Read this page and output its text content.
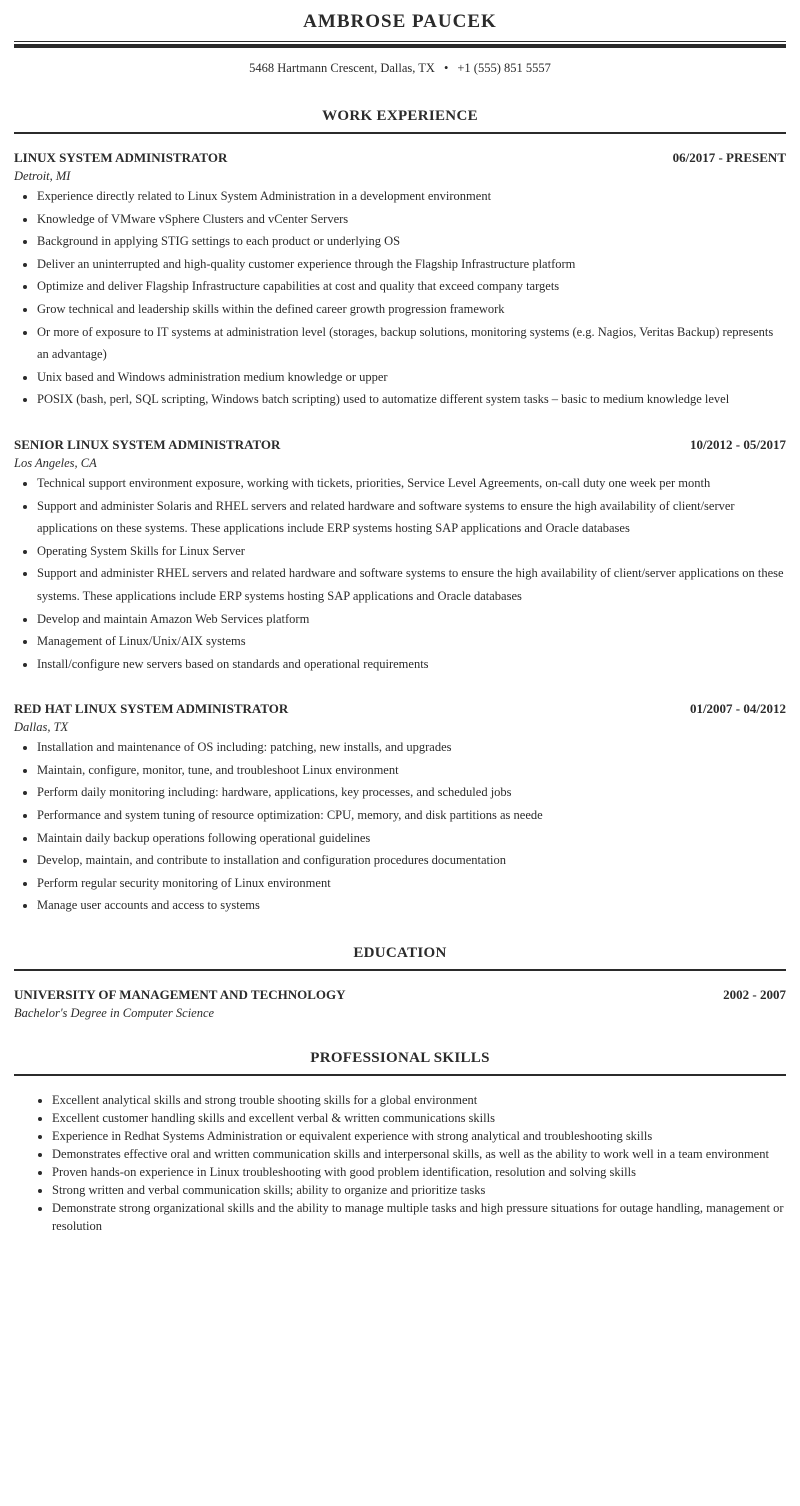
AMBROSE PAUCEK
5468 Hartmann Crescent, Dallas, TX • +1 (555) 851 5557
WORK EXPERIENCE
LINUX SYSTEM ADMINISTRATOR	06/2017 - PRESENT
Detroit, MI
• Experience directly related to Linux System Administration in a development environment
• Knowledge of VMware vSphere Clusters and vCenter Servers
• Background in applying STIG settings to each product or underlying OS
• Deliver an uninterrupted and high-quality customer experience through the Flagship Infrastructure platform
• Optimize and deliver Flagship Infrastructure capabilities at cost and quality that exceed company targets
• Grow technical and leadership skills within the defined career growth progression framework
• Or more of exposure to IT systems at administration level (storages, backup solutions, monitoring systems (e.g. Nagios, Veritas Backup) represents an advantage)
• Unix based and Windows administration medium knowledge or upper
• POSIX (bash, perl, SQL scripting, Windows batch scripting) used to automatize different system tasks – basic to medium knowledge level
SENIOR LINUX SYSTEM ADMINISTRATOR	10/2012 - 05/2017
Los Angeles, CA
• Technical support environment exposure, working with tickets, priorities, Service Level Agreements, on-call duty one week per month
• Support and administer Solaris and RHEL servers and related hardware and software systems to ensure the high availability of client/server applications on these systems. These applications include ERP systems hosting SAP applications and Oracle databases
• Operating System Skills for Linux Server
• Support and administer RHEL servers and related hardware and software systems to ensure the high availability of client/server applications on these systems. These applications include ERP systems hosting SAP applications and Oracle databases
• Develop and maintain Amazon Web Services platform
• Management of Linux/Unix/AIX systems
• Install/configure new servers based on standards and operational requirements
RED HAT LINUX SYSTEM ADMINISTRATOR	01/2007 - 04/2012
Dallas, TX
• Installation and maintenance of OS including: patching, new installs, and upgrades
• Maintain, configure, monitor, tune, and troubleshoot Linux environment
• Perform daily monitoring including: hardware, applications, key processes, and scheduled jobs
• Performance and system tuning of resource optimization: CPU, memory, and disk partitions as neede
• Maintain daily backup operations following operational guidelines
• Develop, maintain, and contribute to installation and configuration procedures documentation
• Perform regular security monitoring of Linux environment
• Manage user accounts and access to systems
EDUCATION
UNIVERSITY OF MANAGEMENT AND TECHNOLOGY	2002 - 2007
Bachelor's Degree in Computer Science
PROFESSIONAL SKILLS
• Excellent analytical skills and strong trouble shooting skills for a global environment
• Excellent customer handling skills and excellent verbal & written communications skills
• Experience in Redhat Systems Administration or equivalent experience with strong analytical and troubleshooting skills
• Demonstrates effective oral and written communication skills and interpersonal skills, as well as the ability to work well in a team environment
• Proven hands-on experience in Linux troubleshooting with good problem identification, resolution and solving skills
• Strong written and verbal communication skills; ability to organize and prioritize tasks
• Demonstrate strong organizational skills and the ability to manage multiple tasks and high pressure situations for outage handling, management or resolution
